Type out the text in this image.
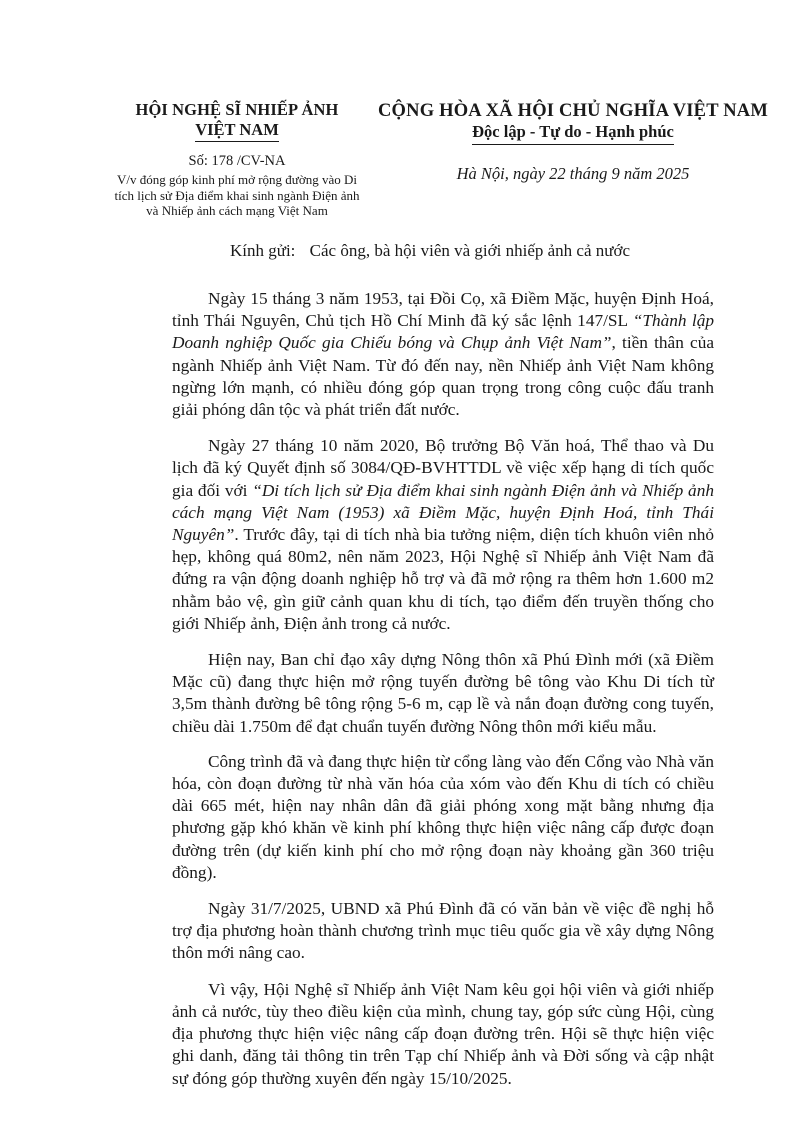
HỘI NGHỆ SĨ NHIẾP ẢNH
VIỆT NAM
Số: 178 /CV-NA
V/v đóng góp kinh phí mở rộng đường vào Di
tích lịch sử Địa điểm khai sinh ngành Điện ảnh
và Nhiếp ảnh cách mạng Việt Nam
CỘNG HÒA XÃ HỘI CHỦ NGHĨA VIỆT NAM
Độc lập - Tự do - Hạnh phúc
Hà Nội, ngày 22 tháng 9 năm 2025
Kính gửi: Các ông, bà hội viên và giới nhiếp ảnh cả nước

Ngày 15 tháng 3 năm 1953, tại Đồi Cọ, xã Điềm Mặc, huyện Định Hoá, tỉnh Thái Nguyên, Chủ tịch Hồ Chí Minh đã ký sắc lệnh 147/SL “Thành lập Doanh nghiệp Quốc gia Chiếu bóng và Chụp ảnh Việt Nam”, tiền thân của ngành Nhiếp ảnh Việt Nam. Từ đó đến nay, nền Nhiếp ảnh Việt Nam không ngừng lớn mạnh, có nhiều đóng góp quan trọng trong công cuộc đấu tranh giải phóng dân tộc và phát triển đất nước.

Ngày 27 tháng 10 năm 2020, Bộ trưởng Bộ Văn hoá, Thể thao và Du lịch đã ký Quyết định số 3084/QĐ-BVHTTDL về việc xếp hạng di tích quốc gia đối với “Di tích lịch sử Địa điểm khai sinh ngành Điện ảnh và Nhiếp ảnh cách mạng Việt Nam (1953) xã Điềm Mặc, huyện Định Hoá, tỉnh Thái Nguyên”. Trước đây, tại di tích nhà bia tưởng niệm, diện tích khuôn viên nhỏ hẹp, không quá 80m2, nên năm 2023, Hội Nghệ sĩ Nhiếp ảnh Việt Nam đã đứng ra vận động doanh nghiệp hỗ trợ và đã mở rộng ra thêm hơn 1.600 m2 nhằm bảo vệ, gìn giữ cảnh quan khu di tích, tạo điểm đến truyền thống cho giới Nhiếp ảnh, Điện ảnh trong cả nước.

Hiện nay, Ban chỉ đạo xây dựng Nông thôn xã Phú Đình mới (xã Điềm Mặc cũ) đang thực hiện mở rộng tuyến đường bê tông vào Khu Di tích từ 3,5m thành đường bê tông rộng 5-6 m, cạp lề và nắn đoạn đường cong tuyến, chiều dài 1.750m để đạt chuẩn tuyến đường Nông thôn mới kiểu mẫu.

Công trình đã và đang thực hiện từ cổng làng vào đến Cổng vào Nhà văn hóa, còn đoạn đường từ nhà văn hóa của xóm vào đến Khu di tích có chiều dài 665 mét, hiện nay nhân dân đã giải phóng xong mặt bằng nhưng địa phương gặp khó khăn về kinh phí không thực hiện việc nâng cấp được đoạn đường trên (dự kiến kinh phí cho mở rộng đoạn này khoảng gần 360 triệu đồng).

Ngày 31/7/2025, UBND xã Phú Đình đã có văn bản về việc đề nghị hỗ trợ địa phương hoàn thành chương trình mục tiêu quốc gia về xây dựng Nông thôn mới nâng cao.

Vì vậy, Hội Nghệ sĩ Nhiếp ảnh Việt Nam kêu gọi hội viên và giới nhiếp ảnh cả nước, tùy theo điều kiện của mình, chung tay, góp sức cùng Hội, cùng địa phương thực hiện việc nâng cấp đoạn đường trên. Hội sẽ thực hiện việc ghi danh, đăng tải thông tin trên Tạp chí Nhiếp ảnh và Đời sống và cập nhật sự đóng góp thường xuyên đến ngày 15/10/2025.
